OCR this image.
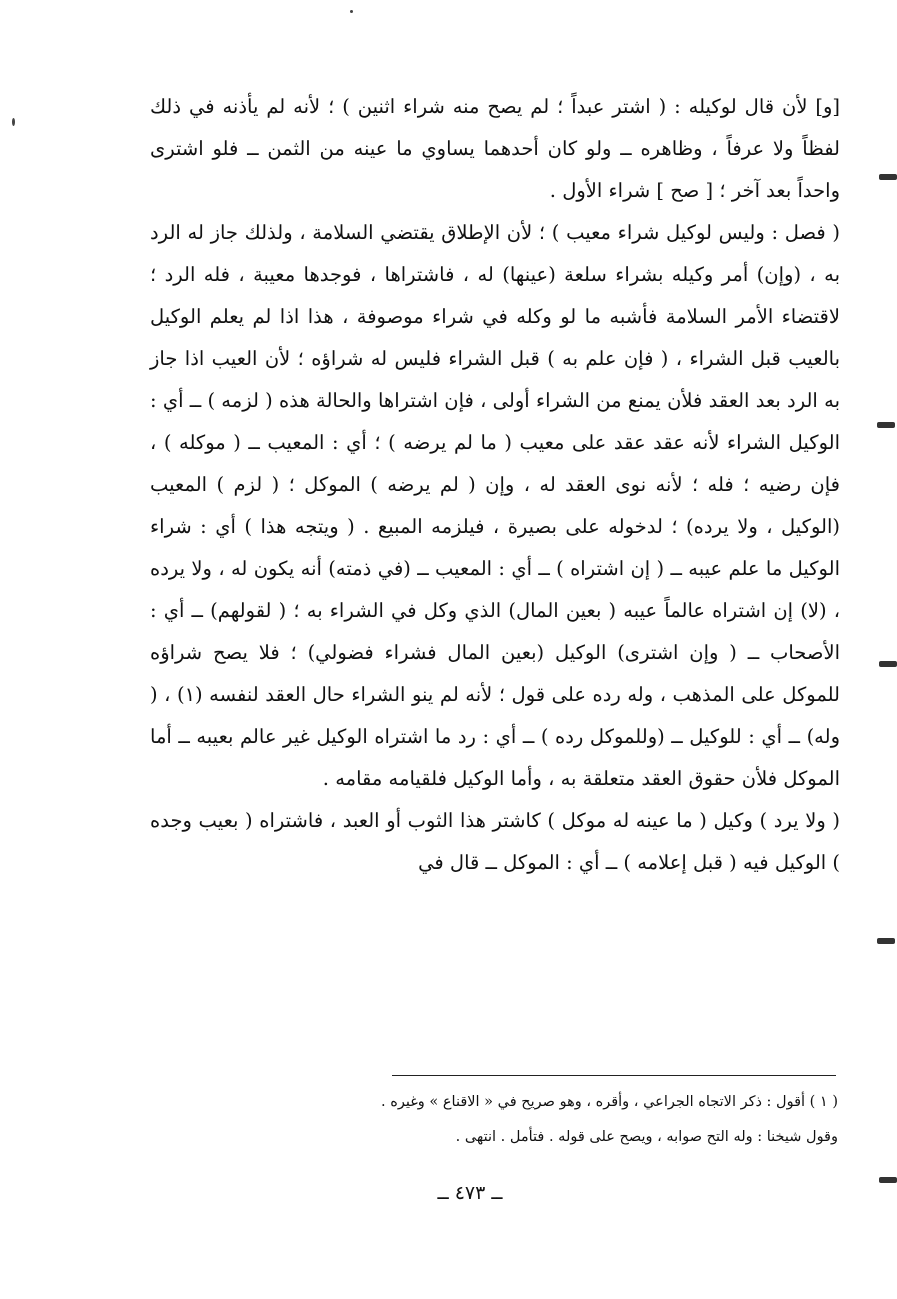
[و] لأن قال لوكيله : ( اشتر عبداً ؛ لم يصح منه شراء اثنين ) ؛ لأنه لم يأذنه في ذلك لفظاً ولا عرفاً ، وظاهره ــ ولو كان أحدهما يساوي ما عينه من الثمن ــ فلو اشترى واحداً بعد آخر ؛ [ صح ] شراء الأول .

( فصل : وليس لوكيل شراء معيب ) ؛ لأن الإطلاق يقتضي السلامة ، ولذلك جاز له الرد به ، (وإن) أمر وكيله بشراء سلعة (عينها) له ، فاشتراها ، فوجدها معيبة ، فله الرد ؛ لاقتضاء الأمر السلامة فأشبه ما لو وكله في شراء موصوفة ، هذا اذا لم يعلم الوكيل بالعيب قبل الشراء ، ( فإن علم به ) قبل الشراء فليس له شراؤه ؛ لأن العيب اذا جاز به الرد بعد العقد فلأن يمنع من الشراء أولى ، فإن اشتراها والحالة هذه ( لزمه ) ــ أي : الوكيل الشراء لأنه عقد عقد على معيب ( ما لم يرضه ) ؛ أي : المعيب ــ ( موكله ) ، فإن رضيه ؛ فله ؛ لأنه نوى العقد له ، وإن ( لم يرضه ) الموكل ؛ ( لزم ) المعيب (الوكيل ، ولا يرده) ؛ لدخوله على بصيرة ، فيلزمه المبيع . ( ويتجه هذا ) أي : شراء الوكيل ما علم عيبه ــ ( إن اشتراه ) ــ أي : المعيب ــ (في ذمته) أنه يكون له ، ولا يرده ، (لا) إن اشتراه عالماً عيبه ( بعين المال) الذي وكل في الشراء به ؛ ( لقولهم) ــ أي : الأصحاب ــ ( وإن اشترى) الوكيل (بعين المال فشراء فضولي) ؛ فلا يصح شراؤه للموكل على المذهب ، وله رده على قول ؛ لأنه لم ينو الشراء حال العقد لنفسه (١) ، ( وله) ــ أي : للوكيل ــ (وللموكل رده ) ــ أي : رد ما اشتراه الوكيل غير عالم بعيبه ــ أما الموكل فلأن حقوق العقد متعلقة به ، وأما الوكيل فلقيامه مقامه .

( ولا يرد ) وكيل ( ما عينه له موكل ) كاشتر هذا الثوب أو العبد ، فاشتراه ( بعيب وجده ) الوكيل فيه ( قبل إعلامه ) ــ أي : الموكل ــ قال في

( ١ ) أقول : ذكر الاتجاه الجراعي ، وأقره ، وهو صريح في « الاقناع » وغيره .

وقول شيخنا : وله التح صوابه ، ويصح على قوله . فتأمل . انتهى .

ــ ٤٧٣ ــ
